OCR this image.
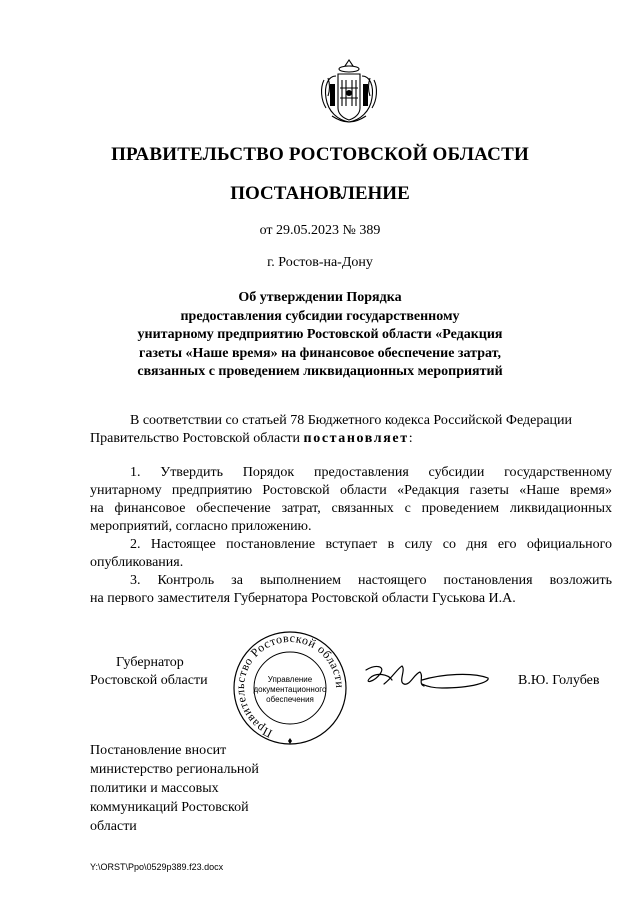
ПРАВИТЕЛЬСТВО РОСТОВСКОЙ ОБЛАСТИ
ПОСТАНОВЛЕНИЕ
от 29.05.2023 № 389
г. Ростов-на-Дону
Об утверждении Порядка
предоставления субсидии государственному
унитарному предприятию Ростовской области «Редакция
газеты «Наше время» на финансовое обеспечение затрат,
связанных с проведением ликвидационных мероприятий
В соответствии со статьей 78 Бюджетного кодекса Российской Федерации
Правительство Ростовской области постановляет:
1. Утвердить Порядок предоставления субсидии государственному
унитарному предприятию Ростовской области «Редакция газеты «Наше время»
на финансовое обеспечение затрат, связанных с проведением ликвидационных
мероприятий, согласно приложению.
2. Настоящее постановление вступает в силу со дня его официального
опубликования.
3. Контроль за выполнением настоящего постановления возложить
на первого заместителя Губернатора Ростовской области Гуськова И.А.
Губернатор
Ростовской области	В.Ю. Голубев
Правительство Ростовской области
Управление
документационного
обеспечения
Постановление вносит
министерство региональной
политики и массовых
коммуникаций Ростовской
области
Y:\ORST\Ppo\0529p389.f23.docx
